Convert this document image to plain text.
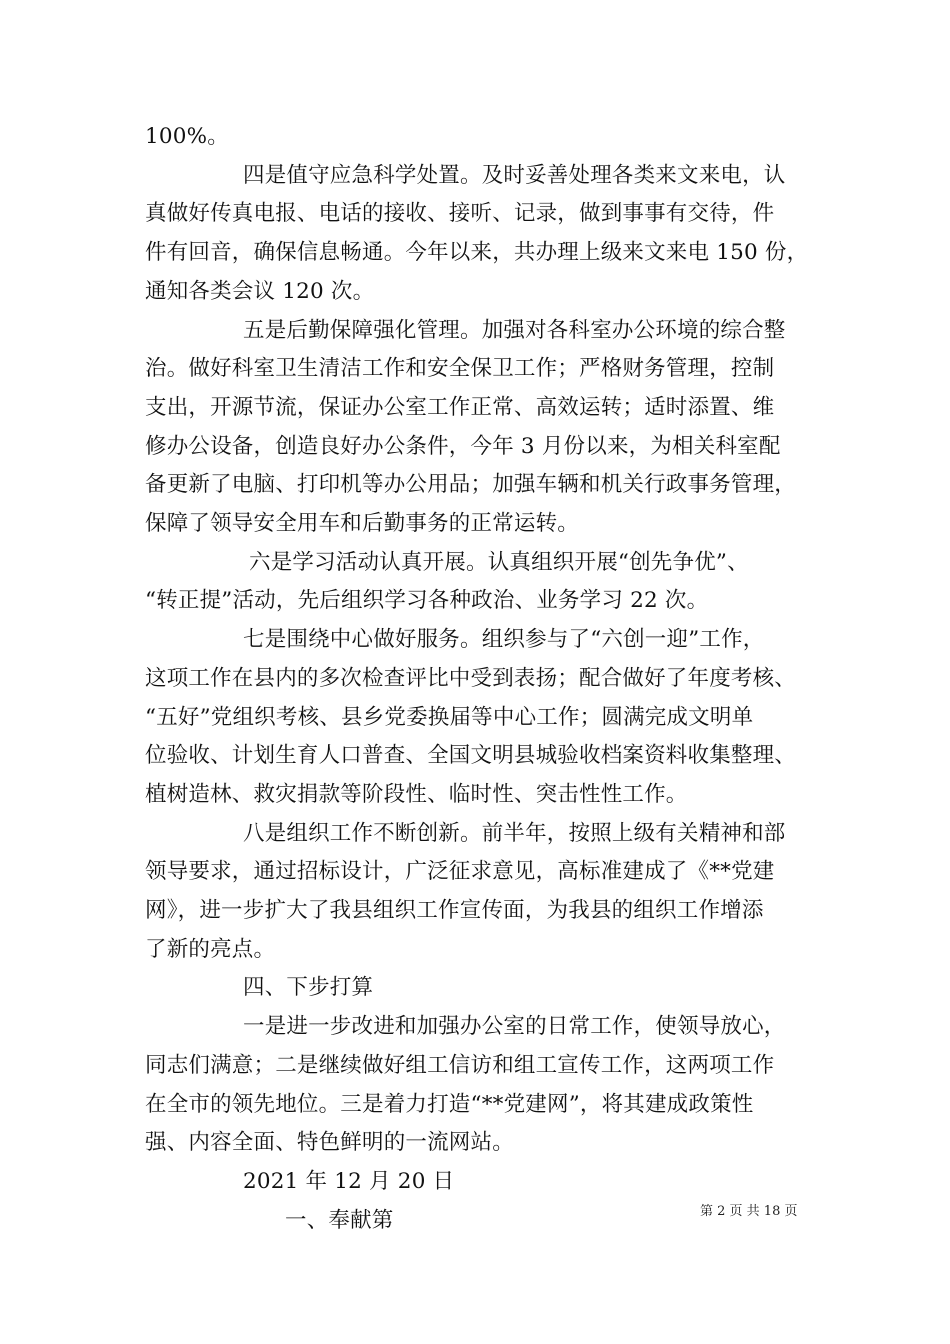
100%。

四是值守应急科学处置。及时妥善处理各类来文来电，认
真做好传真电报、电话的接收、接听、记录，做到事事有交待，件
件有回音，确保信息畅通。今年以来，共办理上级来文来电 150 份，
通知各类会议 120 次。

五是后勤保障强化管理。加强对各科室办公环境的综合整
治。做好科室卫生清洁工作和安全保卫工作；严格财务管理，控制
支出，开源节流，保证办公室工作正常、高效运转；适时添置、维
修办公设备，创造良好办公条件，今年 3 月份以来，为相关科室配
备更新了电脑、打印机等办公用品；加强车辆和机关行政事务管理，
保障了领导安全用车和后勤事务的正常运转。

六是学习活动认真开展。认真组织开展“创先争优”、
“转正提”活动，先后组织学习各种政治、业务学习 22 次。

七是围绕中心做好服务。组织参与了“六创一迎”工作，
这项工作在县内的多次检查评比中受到表扬；配合做好了年度考核、
“五好”党组织考核、县乡党委换届等中心工作；圆满完成文明单
位验收、计划生育人口普查、全国文明县城验收档案资料收集整理、
植树造林、救灾捐款等阶段性、临时性、突击性性工作。

八是组织工作不断创新。前半年，按照上级有关精神和部
领导要求，通过招标设计，广泛征求意见，高标准建成了《**党建
网》，进一步扩大了我县组织工作宣传面，为我县的组织工作增添
了新的亮点。

四、下步打算

一是进一步改进和加强办公室的日常工作，使领导放心，
同志们满意；二是继续做好组工信访和组工宣传工作，这两项工作
在全市的领先地位。三是着力打造“**党建网”，将其建成政策性
强、内容全面、特色鲜明的一流网站。

2021 年 12 月 20 日

一、奉献第	第 2 页 共 18 页
